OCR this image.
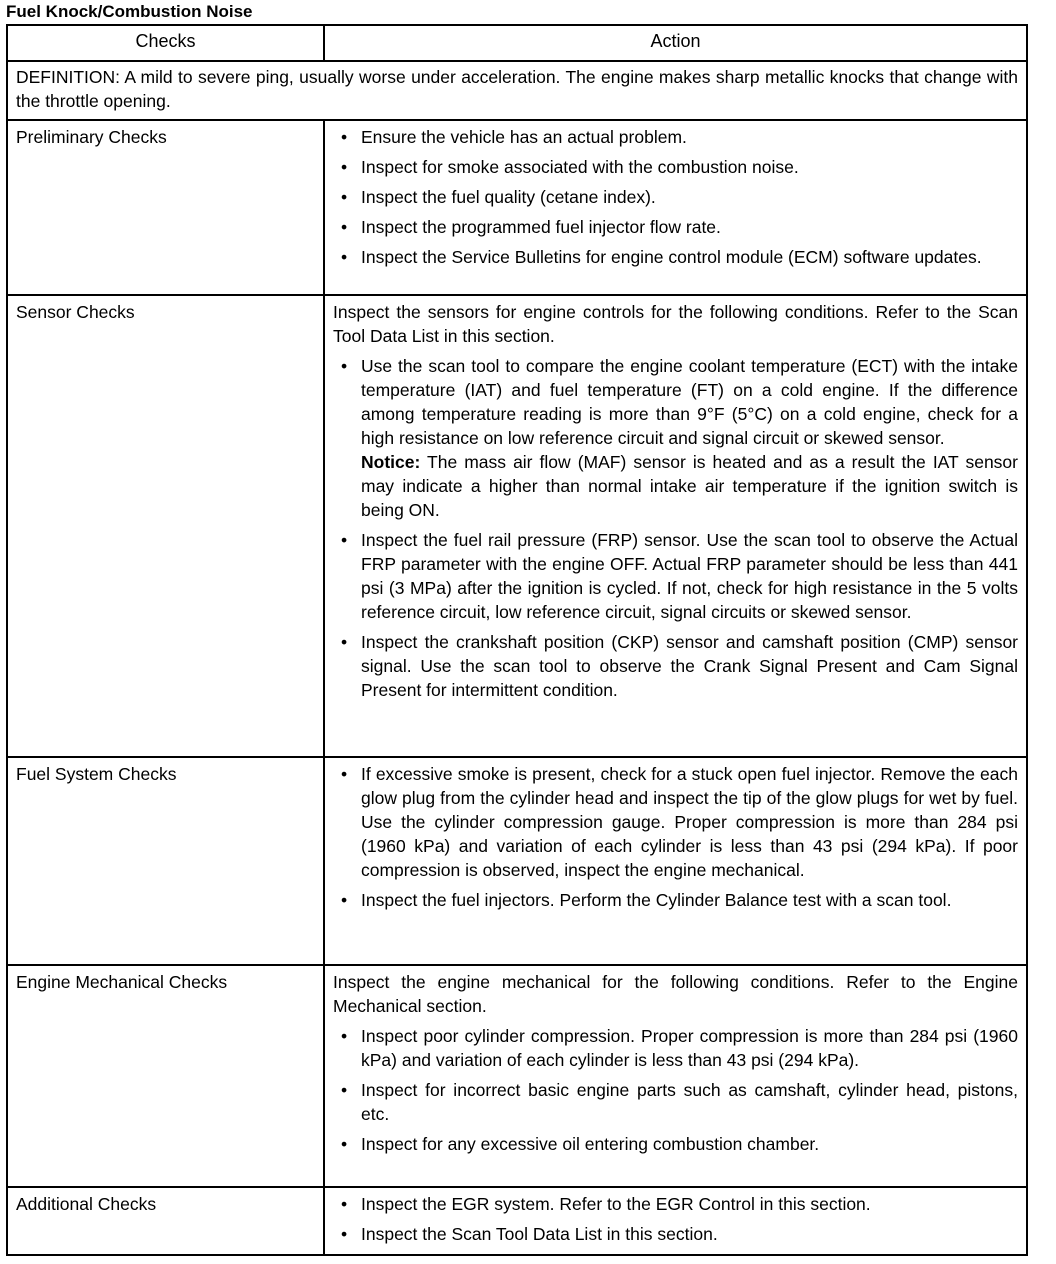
Fuel Knock/Combustion Noise
Checks	Action
DEFINITION: A mild to severe ping, usually worse under acceleration. The engine makes sharp metallic knocks that change with the throttle opening.	
Preliminary Checks	• Ensure the vehicle has an actual problem.
• Inspect for smoke associated with the combustion noise.
• Inspect the fuel quality (cetane index).
• Inspect the programmed fuel injector flow rate.
• Inspect the Service Bulletins for engine control module (ECM) software updates.

Sensor Checks	Inspect the sensors for engine controls for the following conditions. Refer to the Scan Tool Data List in this section.
• Use the scan tool to compare the engine coolant temperature (ECT) with the intake temperature (IAT) and fuel temperature (FT) on a cold engine. If the difference among temperature reading is more than 9°F (5°C) on a cold engine, check for a high resistance on low reference circuit and signal circuit or skewed sensor.
Notice: The mass air flow (MAF) sensor is heated and as a result the IAT sensor may indicate a higher than normal intake air temperature if the ignition switch is being ON.
• Inspect the fuel rail pressure (FRP) sensor. Use the scan tool to observe the Actual FRP parameter with the engine OFF. Actual FRP parameter should be less than 441 psi (3 MPa) after the ignition is cycled. If not, check for high resistance in the 5 volts reference circuit, low reference circuit, signal circuits or skewed sensor.
• Inspect the crankshaft position (CKP) sensor and camshaft position (CMP) sensor signal. Use the scan tool to observe the Crank Signal Present and Cam Signal Present for intermittent condition.

Fuel System Checks	• If excessive smoke is present, check for a stuck open fuel injector. Remove the each glow plug from the cylinder head and inspect the tip of the glow plugs for wet by fuel. Use the cylinder compression gauge. Proper compression is more than 284 psi (1960 kPa) and variation of each cylinder is less than 43 psi (294 kPa). If poor compression is observed, inspect the engine mechanical.
• Inspect the fuel injectors. Perform the Cylinder Balance test with a scan tool.

Engine Mechanical Checks	Inspect the engine mechanical for the following conditions. Refer to the Engine Mechanical section.
• Inspect poor cylinder compression. Proper compression is more than 284 psi (1960 kPa) and variation of each cylinder is less than 43 psi (294 kPa).
• Inspect for incorrect basic engine parts such as camshaft, cylinder head, pistons, etc.
• Inspect for any excessive oil entering combustion chamber.

Additional Checks	• Inspect the EGR system. Refer to the EGR Control in this section.
• Inspect the Scan Tool Data List in this section.
